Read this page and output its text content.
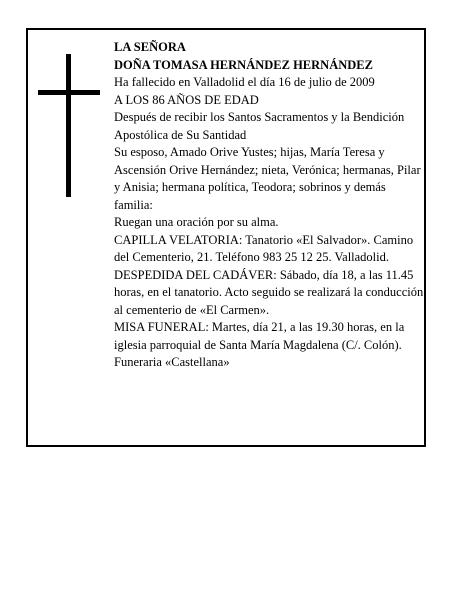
LA SEÑORA
DOÑA TOMASA HERNÁNDEZ HERNÁNDEZ
Ha fallecido en Valladolid el día 16 de julio de 2009
A LOS 86 AÑOS DE EDAD
Después de recibir los Santos Sacramentos y la Bendición Apostólica de Su Santidad
Su esposo, Amado Orive Yustes; hijas, María Teresa y Ascensión Orive Hernández; nieta, Verónica; hermanas, Pilar y Anisia; hermana política, Teodora; sobrinos y demás familia:
Ruegan una oración por su alma.
CAPILLA VELATORIA: Tanatorio «El Salvador». Camino del Cementerio, 21. Teléfono 983 25 12 25. Valladolid.
DESPEDIDA DEL CADÁVER: Sábado, día 18, a las 11.45 horas, en el tanatorio. Acto seguido se realizará la conducción al cementerio de «El Carmen».
MISA FUNERAL: Martes, día 21, a las 19.30 horas, en la iglesia parroquial de Santa María Magdalena (C/. Colón).
Funeraria «Castellana»
